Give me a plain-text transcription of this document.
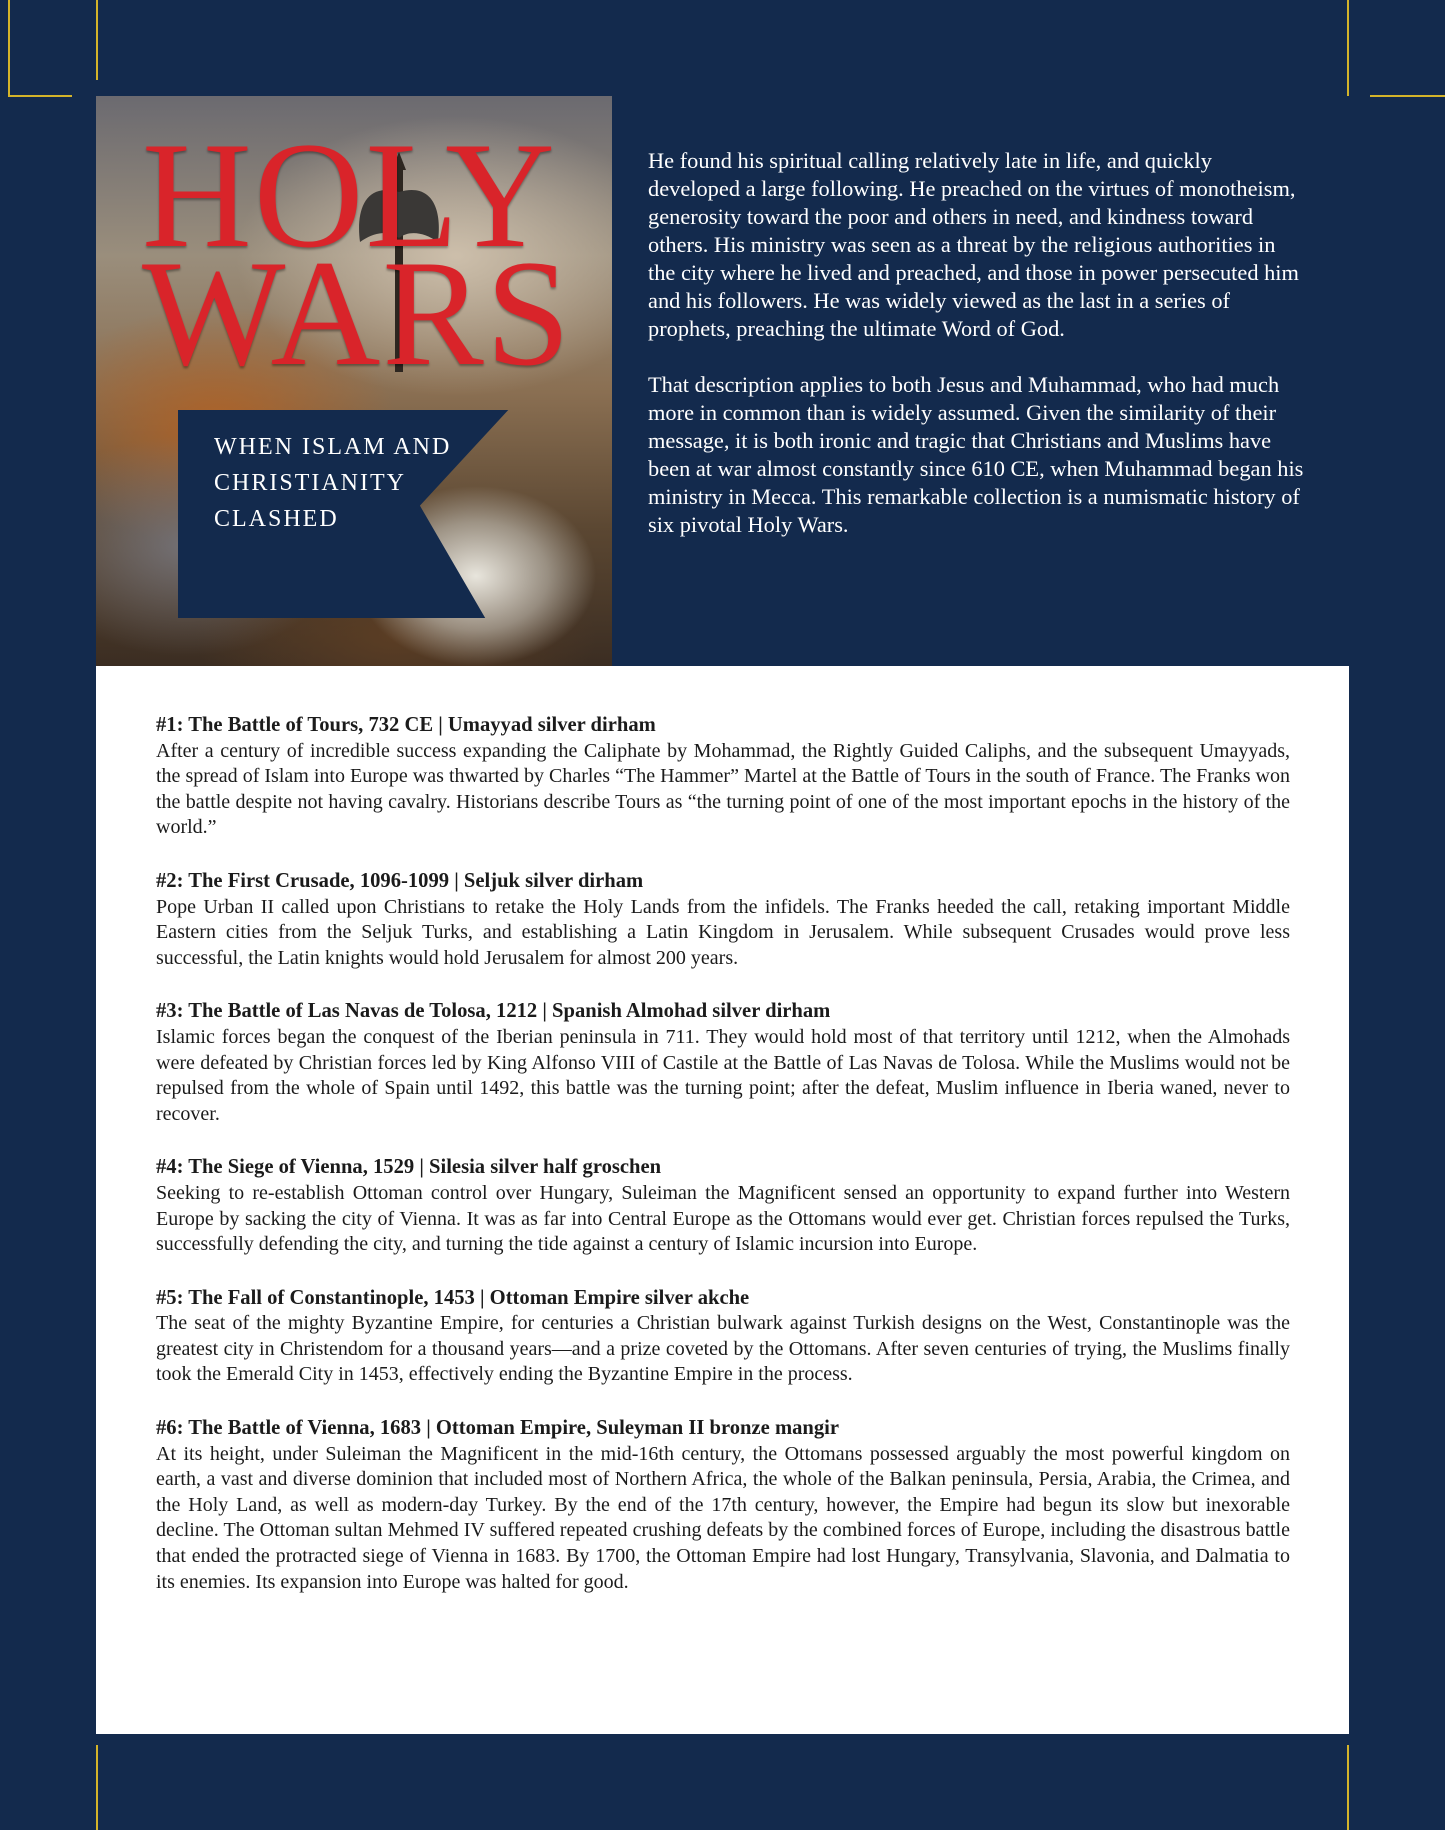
HOLY WARS
WHEN ISLAM AND CHRISTIANITY CLASHED

He found his spiritual calling relatively late in life, and quickly developed a large following. He preached on the virtues of monotheism, generosity toward the poor and others in need, and kindness toward others. His ministry was seen as a threat by the religious authorities in the city where he lived and preached, and those in power persecuted him and his followers. He was widely viewed as the last in a series of prophets, preaching the ultimate Word of God.

That description applies to both Jesus and Muhammad, who had much more in common than is widely assumed. Given the similarity of their message, it is both ironic and tragic that Christians and Muslims have been at war almost constantly since 610 CE, when Muhammad began his ministry in Mecca. This remarkable collection is a numismatic history of six pivotal Holy Wars.

#1: The Battle of Tours, 732 CE | Umayyad silver dirham

After a century of incredible success expanding the Caliphate by Mohammad, the Rightly Guided Caliphs, and the subsequent Umayyads, the spread of Islam into Europe was thwarted by Charles “The Hammer” Martel at the Battle of Tours in the south of France. The Franks won the battle despite not having cavalry. Historians describe Tours as “the turning point of one of the most important epochs in the history of the world.”

#2: The First Crusade, 1096-1099 | Seljuk silver dirham

Pope Urban II called upon Christians to retake the Holy Lands from the infidels. The Franks heeded the call, retaking important Middle Eastern cities from the Seljuk Turks, and establishing a Latin Kingdom in Jerusalem. While subsequent Crusades would prove less successful, the Latin knights would hold Jerusalem for almost 200 years.

#3: The Battle of Las Navas de Tolosa, 1212 | Spanish Almohad silver dirham

Islamic forces began the conquest of the Iberian peninsula in 711. They would hold most of that territory until 1212, when the Almohads were defeated by Christian forces led by King Alfonso VIII of Castile at the Battle of Las Navas de Tolosa. While the Muslims would not be repulsed from the whole of Spain until 1492, this battle was the turning point; after the defeat, Muslim influence in Iberia waned, never to recover.

#4: The Siege of Vienna, 1529 | Silesia silver half groschen

Seeking to re-establish Ottoman control over Hungary, Suleiman the Magnificent sensed an opportunity to expand further into Western Europe by sacking the city of Vienna. It was as far into Central Europe as the Ottomans would ever get. Christian forces repulsed the Turks, successfully defending the city, and turning the tide against a century of Islamic incursion into Europe.

#5: The Fall of Constantinople, 1453 | Ottoman Empire silver akche

The seat of the mighty Byzantine Empire, for centuries a Christian bulwark against Turkish designs on the West, Constantinople was the greatest city in Christendom for a thousand years—and a prize coveted by the Ottomans. After seven centuries of trying, the Muslims finally took the Emerald City in 1453, effectively ending the Byzantine Empire in the process.

#6: The Battle of Vienna, 1683 | Ottoman Empire, Suleyman II bronze mangir

At its height, under Suleiman the Magnificent in the mid-16th century, the Ottomans possessed arguably the most powerful kingdom on earth, a vast and diverse dominion that included most of Northern Africa, the whole of the Balkan peninsula, Persia, Arabia, the Crimea, and the Holy Land, as well as modern-day Turkey. By the end of the 17th century, however, the Empire had begun its slow but inexorable decline. The Ottoman sultan Mehmed IV suffered repeated crushing defeats by the combined forces of Europe, including the disastrous battle that ended the protracted siege of Vienna in 1683. By 1700, the Ottoman Empire had lost Hungary, Transylvania, Slavonia, and Dalmatia to its enemies. Its expansion into Europe was halted for good.
